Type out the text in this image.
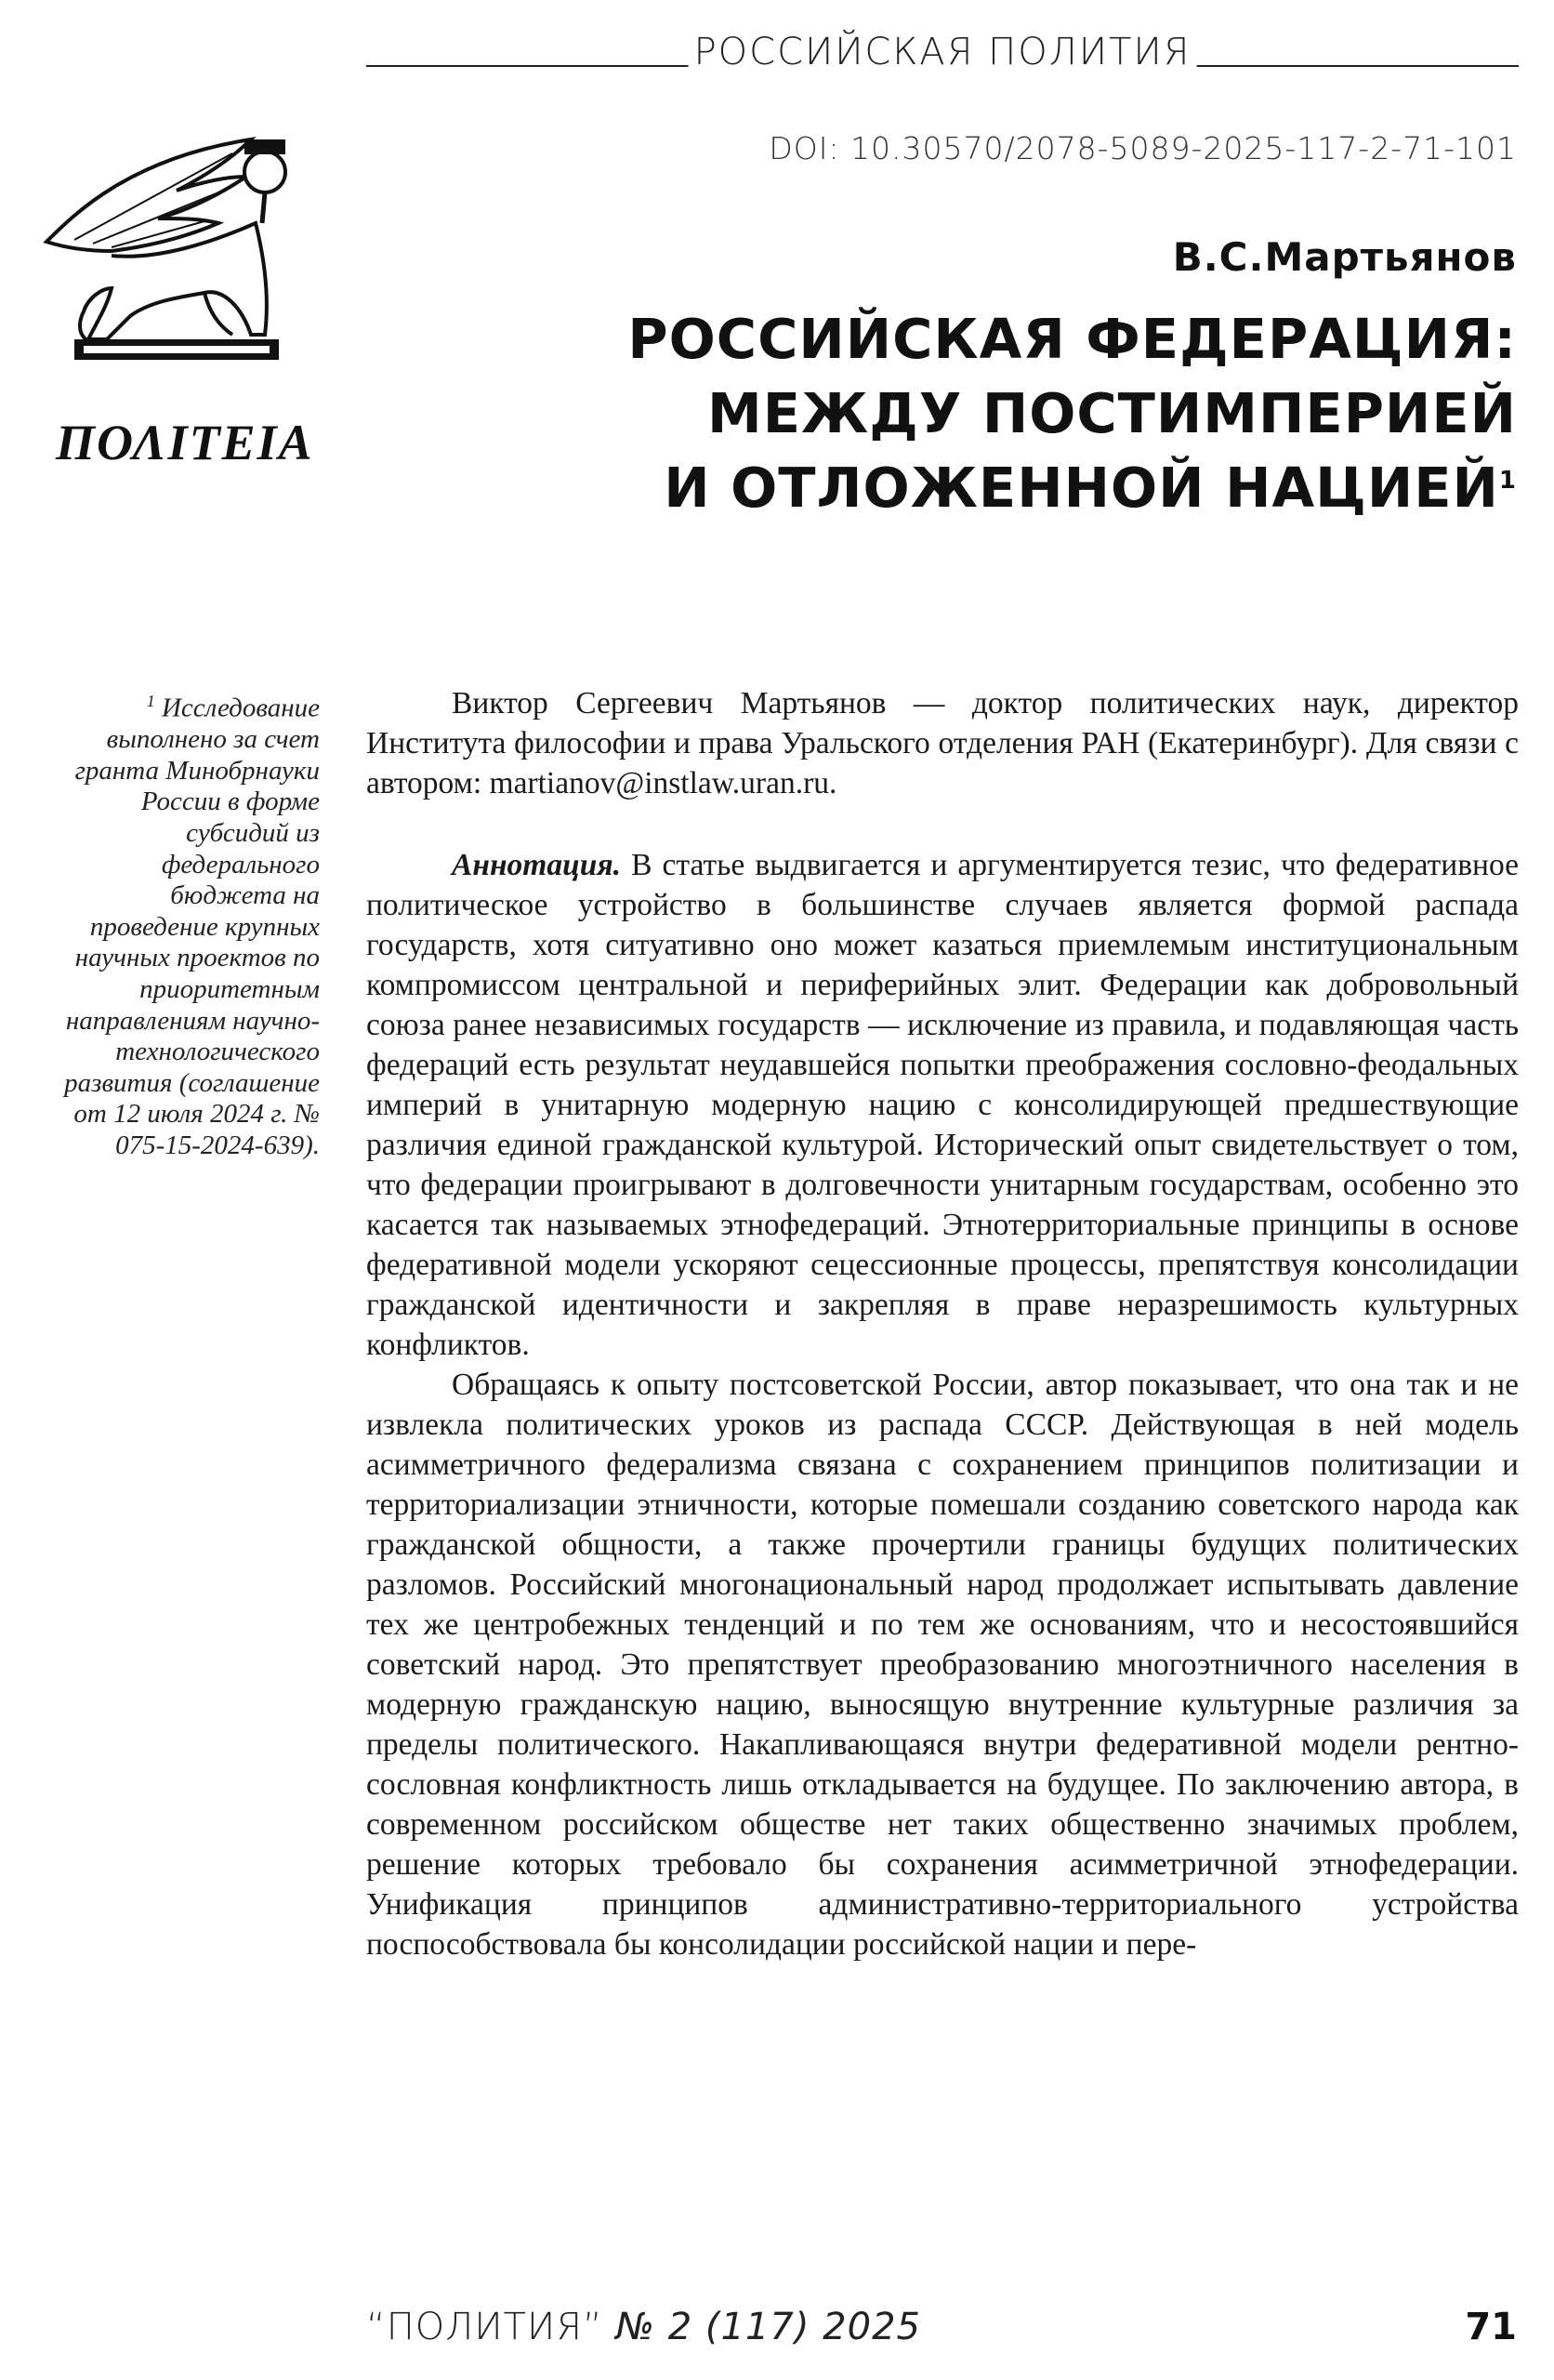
РОССИЙСКАЯ ПОЛИТИЯ
DOI: 10.30570/2078-5089-2025-117-2-71-101
ΠΟΛΙΤΕΙΑ
В.С.Мартьянов
РОССИЙСКАЯ ФЕДЕРАЦИЯ:
МЕЖДУ ПОСТИМПЕРИЕЙ
И ОТЛОЖЕННОЙ НАЦИЕЙ$^1$
$^1$ Исследование выполнено за счет гранта Минобрнауки России в форме субсидий из федерального бюджета на проведение крупных научных проектов по приоритетным направлениям научно-технологического развития (соглашение от 12 июля 2024 г. № 075-15-2024-639).

Виктор Сергеевич Мартьянов — доктор политических наук, директор Института философии и права Уральского отделения РАН (Екатеринбург). Для связи с автором: martianov@instlaw.uran.ru.

Аннотация. В статье выдвигается и аргументируется тезис, что федеративное политическое устройство в большинстве случаев является формой распада государств, хотя ситуативно оно может казаться приемлемым институциональным компромиссом центральной и периферийных элит. Федерации как добровольный союза ранее независимых государств — исключение из правила, и подавляющая часть федераций есть результат неудавшейся попытки преображения сословно-феодальных империй в унитарную модерную нацию с консолидирующей предшествующие различия единой гражданской культурой. Исторический опыт свидетельствует о том, что федерации проигрывают в долговечности унитарным государствам, особенно это касается так называемых этнофедераций. Этнотерриториальные принципы в основе федеративной модели ускоряют сецессионные процессы, препятствуя консолидации гражданской идентичности и закрепляя в праве неразрешимость культурных конфликтов.

Обращаясь к опыту постсоветской России, автор показывает, что она так и не извлекла политических уроков из распада СССР. Действующая в ней модель асимметричного федерализма связана с сохранением принципов политизации и территориализации этничности, которые помешали созданию советского народа как гражданской общности, а также прочертили границы будущих политических разломов. Российский многонациональный народ продолжает испытывать давление тех же центробежных тенденций и по тем же основаниям, что и несостоявшийся советский народ. Это препятствует преобразованию многоэтничного населения в модерную гражданскую нацию, выносящую внутренние культурные различия за пределы политического. Накапливающаяся внутри федеративной модели рентно-сословная конфликтность лишь откладывается на будущее. По заключению автора, в современном российском обществе нет таких общественно значимых проблем, решение которых требовало бы сохранения асимметричной этнофедерации. Унификация принципов административно-территориального устройства поспособствовала бы консолидации российской нации и пере-

“ПОЛИТИЯ” № 2 (117) 2025	71
